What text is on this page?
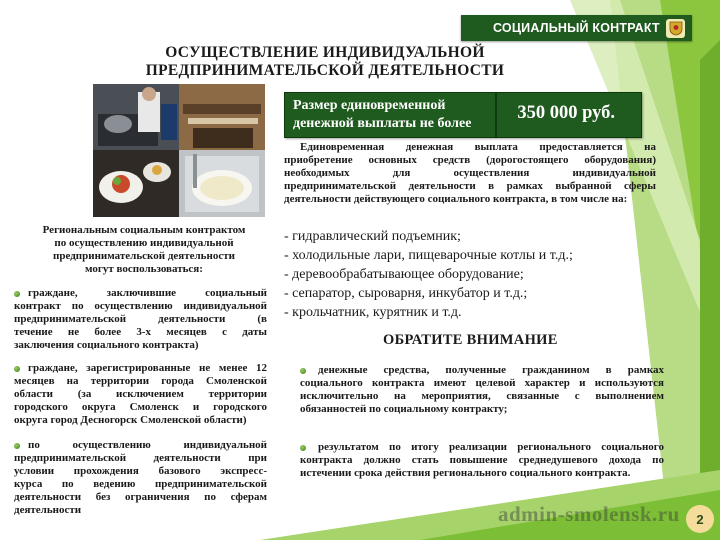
СОЦИАЛЬНЫЙ КОНТРАКТ
ОСУЩЕСТВЛЕНИЕ ИНДИВИДУАЛЬНОЙ
ПРЕДПРИНИМАТЕЛЬСКОЙ ДЕЯТЕЛЬНОСТИ
Размер единовременной
денежной выплаты не более
350 000 руб.
Единовременная денежная выплата предоставляется на
приобретение основных средств (дорогостоящего оборудования)
необходимых для осуществления индивидуальной
предпринимательской деятельности в рамках выбранной сферы
деятельности действующего социального контракта, в том числе на:
- гидравлический подъемник;
- холодильные лари, пищеварочные котлы и т.д.;
- деревообрабатывающее оборудование;
- сепаратор, сыроварня, инкубатор и т.д.;
- крольчатник, курятник и т.д.
Региональным социальным контрактом
по осуществлению индивидуальной
предпринимательской деятельности
могут воспользоваться:
граждане, заключившие социальный
контракт по осуществлению индивидуальной
предпринимательской деятельности (в
течение не более 3-х месяцев с даты
заключения социального контракта)
граждане, зарегистрированные не менее 12
месяцев на территории города Смоленской
области (за исключением территории
городского округа Смоленск и городского
округа город Десногорск Смоленской области)
по осуществлению индивидуальной
предпринимательской деятельности при
условии прохождения базового экспресс-
курса по ведению предпринимательской
деятельности без ограничения по сферам
деятельности
ОБРАТИТЕ ВНИМАНИЕ
денежные средства, полученные гражданином в рамках
социального контракта имеют целевой характер и используются
исключительно на мероприятия, связанные с выполнением
обязанностей по социальному контракту;
результатом по итогу реализации регионального социального
контракта должно стать повышение среднедушевого дохода по
истечении срока действия регионального социального контракта.
admin-smolensk.ru	2
